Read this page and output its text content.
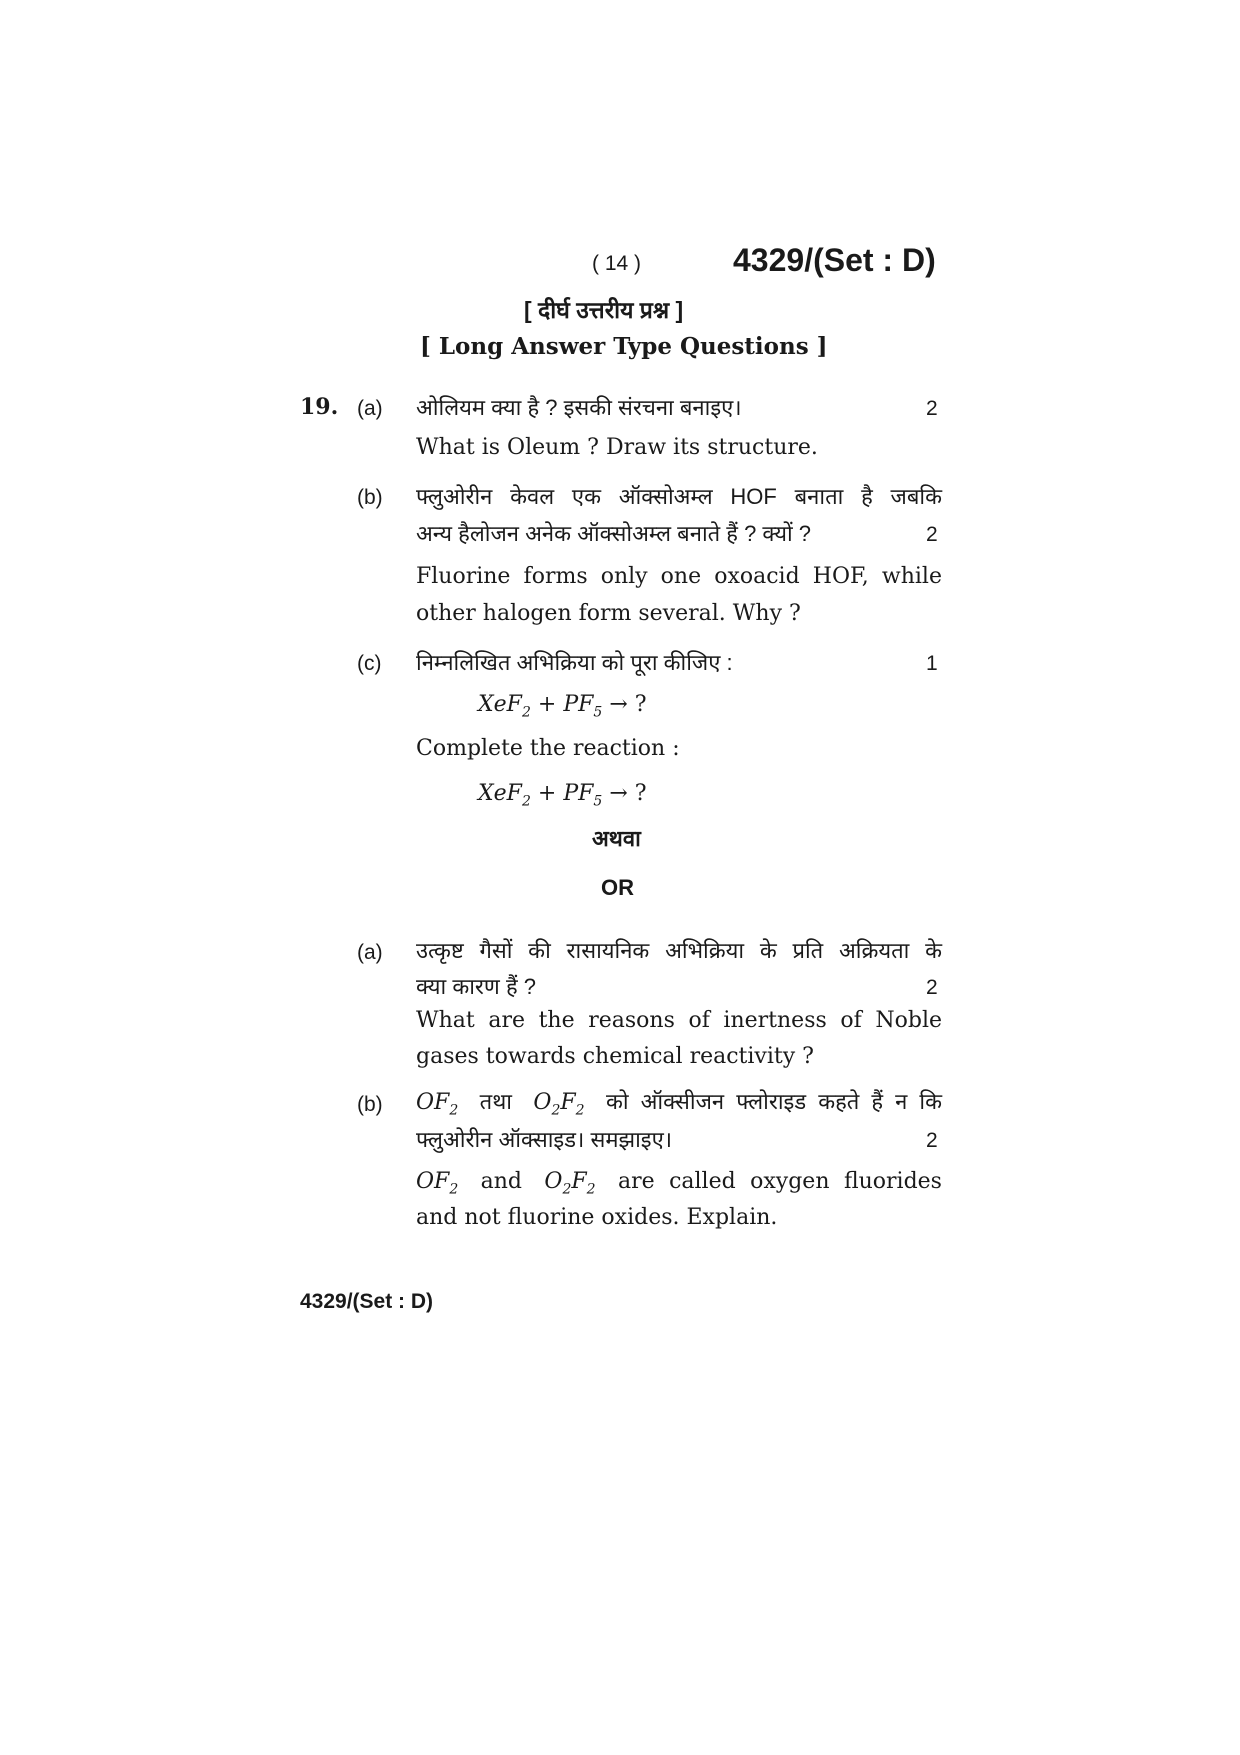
( 14 )	4329/(Set : D)
[ दीर्घ उत्तरीय प्रश्न ]
[ Long Answer Type Questions ]
19. (a) ओलियम क्या है ? इसकी संरचना बनाइए।	2
What is Oleum ? Draw its structure.
(b) फ्लुओरीन केवल एक ऑक्सोअम्ल HOF बनाता है जबकि
अन्य हैलोजन अनेक ऑक्सोअम्ल बनाते हैं ? क्यों ?	2
Fluorine forms only one oxoacid HOF, while
other halogen form several. Why ?
(c) निम्नलिखित अभिक्रिया को पूरा कीजिए :	1
$XeF_2 + PF_5$ → ?
Complete the reaction :
$XeF_2 + PF_5$ → ?
अथवा
OR
(a) उत्कृष्ट गैसों की रासायनिक अभिक्रिया के प्रति अक्रियता के
क्या कारण हैं ?	2
What are the reasons of inertness of Noble
gases towards chemical reactivity ?
(b) $OF_2$ तथा $O_2F_2$ को ऑक्सीजन फ्लोराइड कहते हैं न कि
फ्लुओरीन ऑक्साइड। समझाइए।	2
$OF_2$ and $O_2F_2$ are called oxygen fluorides
and not fluorine oxides. Explain.
4329/(Set : D)
